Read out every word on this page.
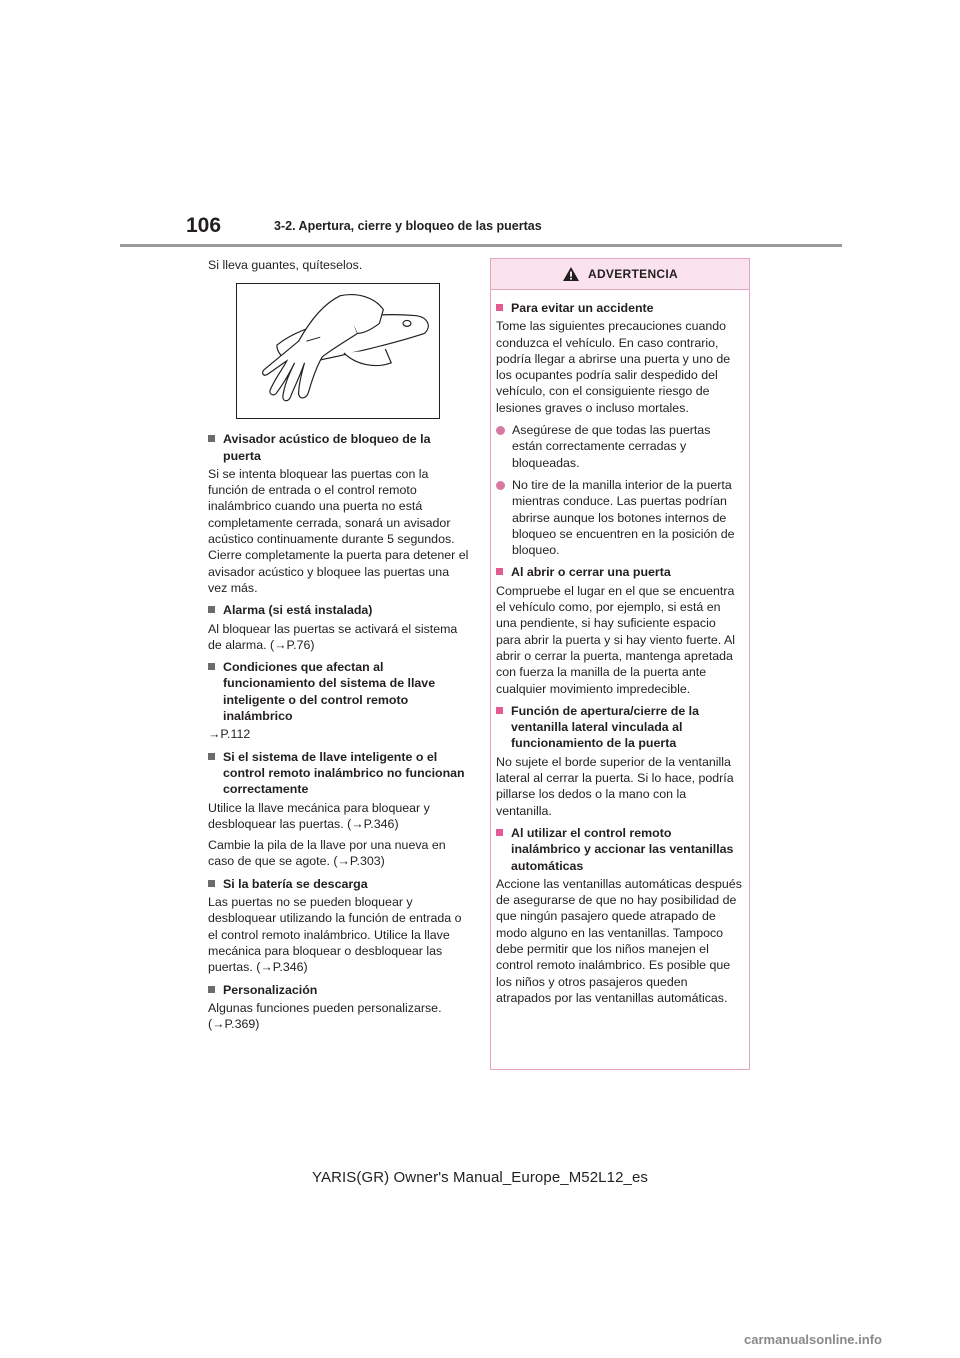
106	3-2. Apertura, cierre y bloqueo de las puertas

Si lleva guantes, quíteselos.

Avisador acústico de bloqueo de la puerta

Si se intenta bloquear las puertas con la función de entrada o el control remoto inalámbrico cuando una puerta no está completamente cerrada, sonará un avisador acústico continuamente durante 5 segundos. Cierre completamente la puerta para detener el avisador acústico y bloquee las puertas una vez más.

Alarma (si está instalada)

Al bloquear las puertas se activará el sistema de alarma. (→P.76)

Condiciones que afectan al funcionamiento del sistema de llave inteligente o del control remoto inalámbrico

→P.112

Si el sistema de llave inteligente o el control remoto inalámbrico no funcionan correctamente

Utilice la llave mecánica para bloquear y desbloquear las puertas. (→P.346)

Cambie la pila de la llave por una nueva en caso de que se agote. (→P.303)

Si la batería se descarga

Las puertas no se pueden bloquear y desbloquear utilizando la función de entrada o el control remoto inalámbrico. Utilice la llave mecánica para bloquear o desbloquear las puertas. (→P.346)

Personalización

Algunas funciones pueden personalizarse. (→P.369)

ADVERTENCIA
Para evitar un accidente

Tome las siguientes precauciones cuando conduzca el vehículo. En caso contrario, podría llegar a abrirse una puerta y uno de los ocupantes podría salir despedido del vehículo, con el consiguiente riesgo de lesiones graves o incluso mortales.

Asegúrese de que todas las puertas están correctamente cerradas y bloqueadas.
No tire de la manilla interior de la puerta mientras conduce. Las puertas podrían abrirse aunque los botones internos de bloqueo se encuentren en la posición de bloqueo.
Al abrir o cerrar una puerta

Compruebe el lugar en el que se encuentra el vehículo como, por ejemplo, si está en una pendiente, si hay suficiente espacio para abrir la puerta y si hay viento fuerte. Al abrir o cerrar la puerta, mantenga apretada con fuerza la manilla de la puerta ante cualquier movimiento impredecible.

Función de apertura/cierre de la ventanilla lateral vinculada al funcionamiento de la puerta

No sujete el borde superior de la ventanilla lateral al cerrar la puerta. Si lo hace, podría pillarse los dedos o la mano con la ventanilla.

Al utilizar el control remoto inalámbrico y accionar las ventanillas automáticas

Accione las ventanillas automáticas después de asegurarse de que no hay posibilidad de que ningún pasajero quede atrapado de modo alguno en las ventanillas. Tampoco debe permitir que los niños manejen el control remoto inalámbrico. Es posible que los niños y otros pasajeros queden atrapados por las ventanillas automáticas.

YARIS(GR) Owner's Manual_Europe_M52L12_es
carmanualsonline.info
